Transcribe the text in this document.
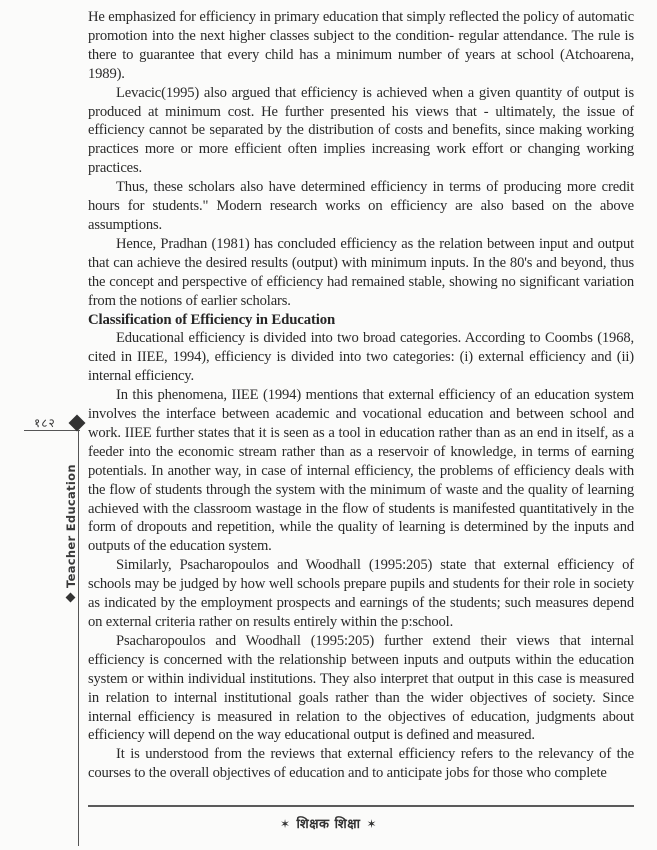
He emphasized for efficiency in primary education that simply reflected the policy of automatic promotion into the next higher classes subject to the condition- regular attendance. The rule is there to guarantee that every child has a minimum number of years at school (Atchoarena, 1989).

Levacic(1995) also argued that efficiency is achieved when a given quantity of output is produced at minimum cost. He further presented his views that - ultimately, the issue of efficiency cannot be separated by the distribution of costs and benefits, since making working practices more or more efficient often implies increasing work effort or changing working practices.

Thus, these scholars also have determined efficiency in terms of producing more credit hours for students." Modern research works on efficiency are also based on the above assumptions.

Hence, Pradhan (1981) has concluded efficiency as the relation between input and output that can achieve the desired results (output) with minimum inputs. In the 80's and beyond, thus the concept and perspective of efficiency had remained stable, showing no significant variation from the notions of earlier scholars.

Classification of Efficiency in Education

Educational efficiency is divided into two broad categories. According to Coombs (1968, cited in IIEE, 1994), efficiency is divided into two categories: (i) external efficiency and (ii) internal efficiency.

In this phenomena, IIEE (1994) mentions that external efficiency of an education system involves the interface between academic and vocational education and between school and work. IIEE further states that it is seen as a tool in education rather than as an end in itself, as a feeder into the economic stream rather than as a reservoir of knowledge, in terms of earning potentials. In another way, in case of internal efficiency, the problems of efficiency deals with the flow of students through the system with the minimum of waste and the quality of learning achieved with the classroom wastage in the flow of students is manifested quantitatively in the form of dropouts and repetition, while the quality of learning is determined by the inputs and outputs of the education system.

Similarly, Psacharopoulos and Woodhall (1995:205) state that external efficiency of schools may be judged by how well schools prepare pupils and students for their role in society as indicated by the employment prospects and earnings of the students; such measures depend on external criteria rather on results entirely within the p:school.

Psacharopoulos and Woodhall (1995:205) further extend their views that internal efficiency is concerned with the relationship between inputs and outputs within the education system or within individual institutions. They also interpret that output in this case is measured in relation to internal institutional goals rather than the wider objectives of society. Since internal efficiency is measured in relation to the objectives of education, judgments about efficiency will depend on the way educational output is defined and measured.

It is understood from the reviews that external efficiency refers to the relevancy of the courses to the overall objectives of education and to anticipate jobs for those who complete

१८२
Teacher Education
✶ शिक्षक शिक्षा ✶
